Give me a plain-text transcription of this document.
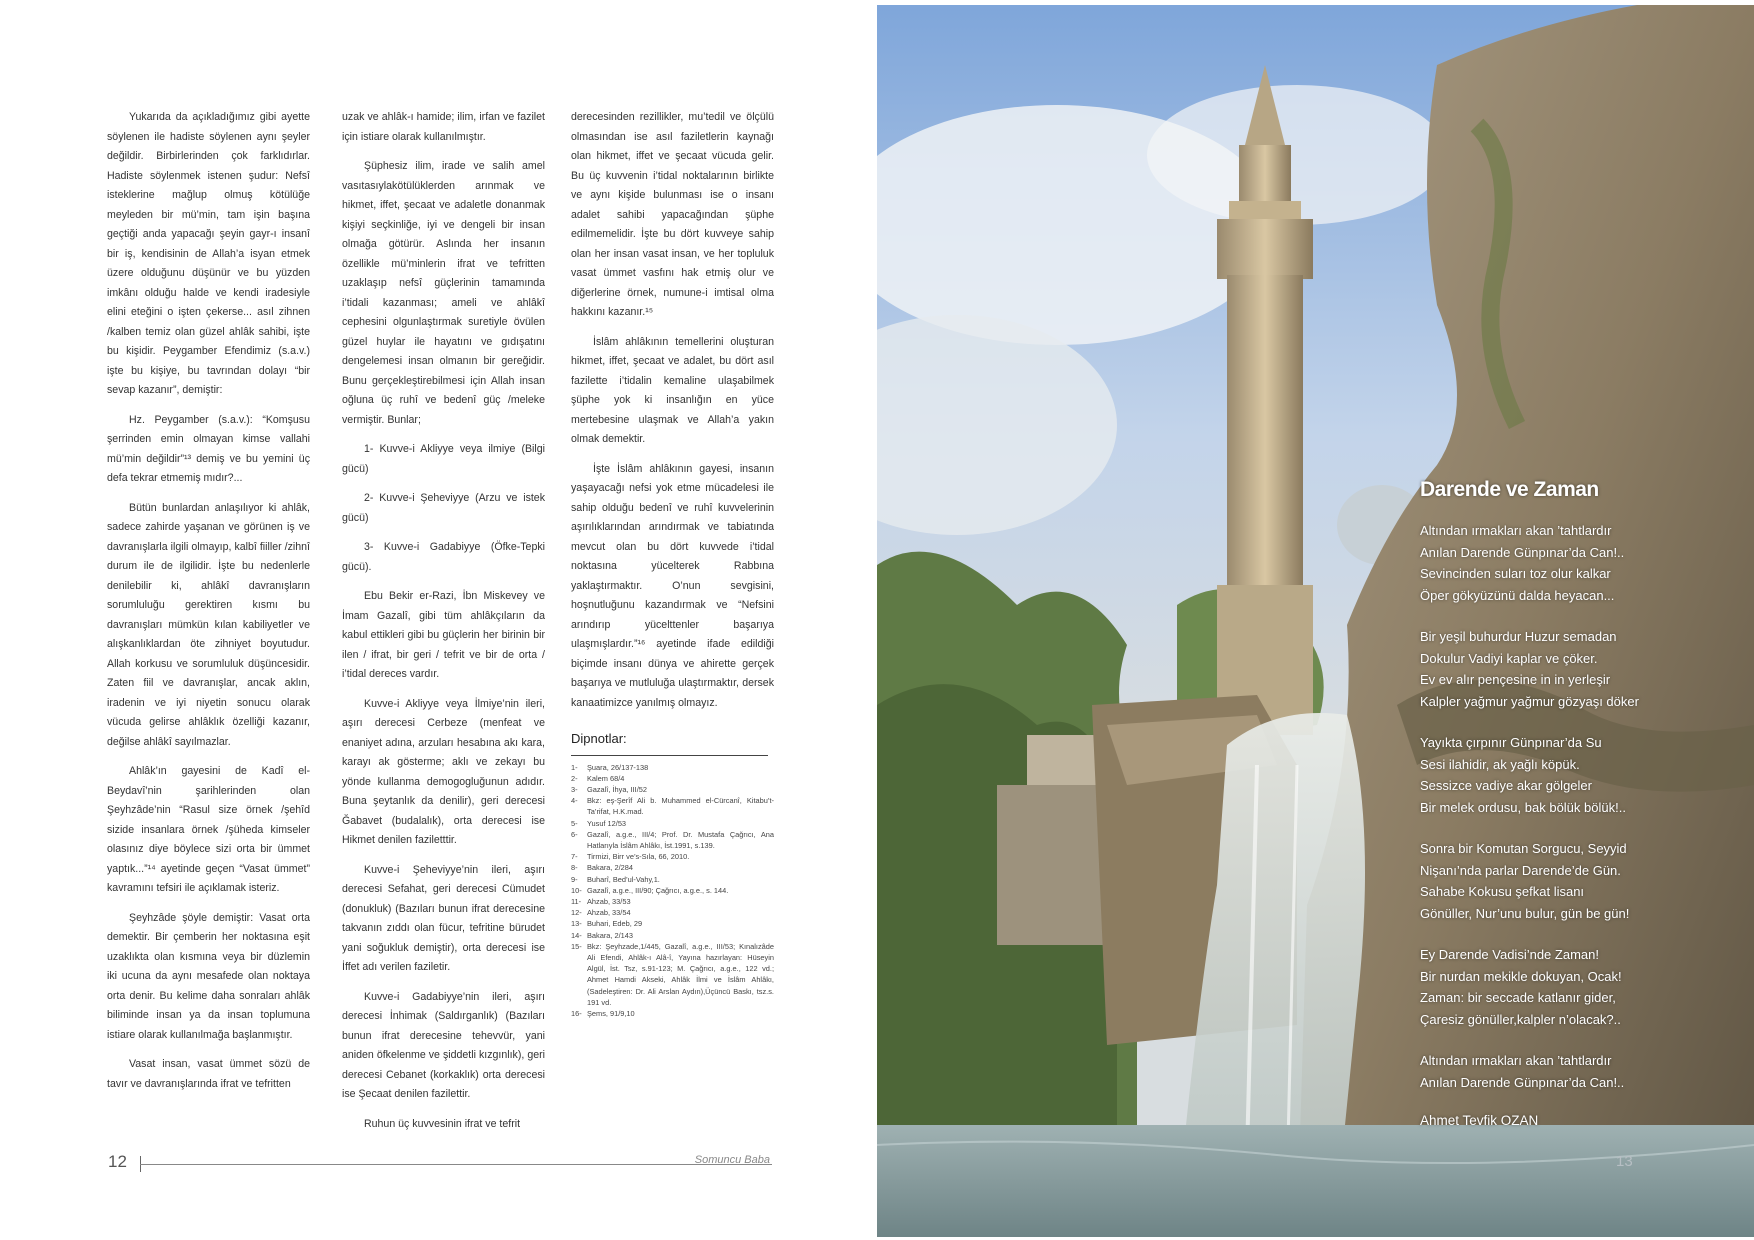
Yukarıda da açıkladığımız gibi ayette söylenen ile hadiste söylenen aynı şeyler değildir. Birbirlerinden çok farklıdırlar. Hadiste söylenmek istenen şudur: Nefsî isteklerine mağlup olmuş kötülüğe meyleden bir mü’min, tam işin başına geçtiği anda yapacağı şeyin gayr-ı insanî bir iş, kendisinin de Allah’a isyan etmek üzere olduğunu düşünür ve bu yüzden imkânı olduğu halde ve kendi iradesiyle elini eteğini o işten çekerse... asıl zihnen /kalben temiz olan güzel ahlâk sahibi, işte bu kişidir. Peygamber Efendimiz (s.a.v.) işte bu kişiye, bu tavrından dolayı “bir sevap kazanır”, demiştir:

Hz. Peygamber (s.a.v.): “Komşusu şerrinden emin olmayan kimse vallahi mü’min değildir”¹³ demiş ve bu yemini üç defa tekrar etmemiş mıdır?...

Bütün bunlardan anlaşılıyor ki ahlâk, sadece zahirde yaşanan ve görünen iş ve davranışlarla ilgili olmayıp, kalbî fiiller /zihnî durum ile de ilgilidir. İşte bu nedenlerle denilebilir ki, ahlâkî davranışların sorumluluğu gerektiren kısmı bu davranışları mümkün kılan kabiliyetler ve alışkanlıklardan öte zihniyet boyutudur. Allah korkusu ve sorumluluk düşüncesidir. Zaten fiil ve davranışlar, ancak aklın, iradenin ve iyi niyetin sonucu olarak vücuda gelirse ahlâklık özelliği kazanır, değilse ahlâkî sayılmazlar.

Ahlâk’ın gayesini de Kadî el-Beydavî’nin şarihlerinden olan Şeyhzâde’nin “Rasul size örnek /şehîd sizide insanlara örnek /şüheda kimseler olasınız diye böylece sizi orta bir ümmet yaptık...”¹⁴ ayetinde geçen “Vasat ümmet” kavramını tefsiri ile açıklamak isteriz.

Şeyhzâde şöyle demiştir: Vasat orta demektir. Bir çemberin her noktasına eşit uzaklıkta olan kısmına veya bir düzlemin iki ucuna da aynı mesafede olan noktaya orta denir. Bu kelime daha sonraları ahlâk biliminde insan ya da insan toplumuna istiare olarak kullanılmağa başlanmıştır.

Vasat insan, vasat ümmet sözü de tavır ve davranışlarında ifrat ve tefritten

uzak ve ahlâk-ı hamide; ilim, irfan ve fazilet için istiare olarak kullanılmıştır.

Şüphesiz ilim, irade ve salih amel vasıtasıylakötülüklerden arınmak ve hikmet, iffet, şecaat ve adaletle donanmak kişiyi seçkinliğe, iyi ve dengeli bir insan olmağa götürür. Aslında her insanın özellikle mü’minlerin ifrat ve tefritten uzaklaşıp nefsî güçlerinin tamamında i’tidali kazanması; ameli ve ahlâkî cephesini olgunlaştırmak suretiyle övülen güzel huylar ile hayatını ve gıdışatını dengelemesi insan olmanın bir gereğidir. Bunu gerçekleştirebilmesi için Allah insan oğluna üç ruhî ve bedenî güç /meleke vermiştir. Bunlar;

1- Kuvve-i Akliyye veya ilmiye (Bilgi gücü)

2- Kuvve-i Şeheviyye (Arzu ve istek gücü)

3- Kuvve-i Gadabiyye (Öfke-Tepki gücü).

Ebu Bekir er-Razi, İbn Miskevey ve İmam Gazalî, gibi tüm ahlâkçıların da kabul ettikleri gibi bu güçlerin her birinin bir ilen / ifrat, bir geri / tefrit ve bir de orta / i’tidal dereces vardır.

Kuvve-i Akliyye veya İlmiye’nin ileri, aşırı derecesi Cerbeze (menfeat ve enaniyet adına, arzuları hesabına akı kara, karayı ak gösterme; aklı ve zekayı bu yönde kullanma demogogluğunun adıdır. Buna şeytanlık da denilir), geri derecesi Ğabavet (budalalık), orta derecesi ise Hikmet denilen faziletttir.

Kuvve-i Şeheviyye’nin ileri, aşırı derecesi Sefahat, geri derecesi Cümudet (donukluk) (Bazıları bunun ifrat derecesine takvanın zıddı olan fücur, tefritine bürudet yani soğukluk demiştir), orta derecesi ise İffet adı verilen faziletir.

Kuvve-i Gadabiyye’nin ileri, aşırı derecesi İnhimak (Saldırganlık) (Bazıları bunun ifrat derecesine tehevvür, yani aniden öfkelenme ve şiddetli kızgınlık), geri derecesi Cebanet (korkaklık) orta derecesi ise Şecaat denilen fazilettir.

Ruhun üç kuvvesinin ifrat ve tefrit

derecesinden rezillikler, mu’tedil ve ölçülü olmasından ise asıl faziletlerin kaynağı olan hikmet, iffet ve şecaat vücuda gelir. Bu üç kuvvenin i’tidal noktalarının birlikte ve aynı kişide bulunması ise o insanı adalet sahibi yapacağından şüphe edilmemelidir. İşte bu dört kuvveye sahip olan her insan vasat insan, ve her topluluk vasat ümmet vasfını hak etmiş olur ve diğerlerine örnek, numune-i imtisal olma hakkını kazanır.¹⁵

İslâm ahlâkının temellerini oluşturan hikmet, iffet, şecaat ve adalet, bu dört asıl fazilette i’tidalin kemaline ulaşabilmek şüphe yok ki insanlığın en yüce mertebesine ulaşmak ve Allah’a yakın olmak demektir.

İşte İslâm ahlâkının gayesi, insanın yaşayacağı nefsi yok etme mücadelesi ile sahip olduğu bedenî ve ruhî kuvvelerinin aşırılıklarından arındırmak ve tabiatında mevcut olan bu dört kuvvede i’tidal noktasına yücelterek Rabbına yaklaştırmaktır. O’nun sevgisini, hoşnutluğunu kazandırmak ve “Nefsini arındırıp yücelttenler başarıya ulaşmışlardır.”¹⁶ ayetinde ifade edildiği biçimde insanı dünya ve ahirette gerçek başarıya ve mutluluğa ulaştırmaktır, dersek kanaatimizce yanılmış olmayız.

Dipnotlar:
1-	Şuara, 26/137-138
2-	Kalem 68/4
3-	Gazalî, İhya, III/52
4-	Bkz: eş-Şerîf Ali b. Muhammed el-Cürcanî, Kitabu’t-Ta’rifat, H.K.mad.
5-	Yusuf 12/53
6-	Gazalî, a.g.e., III/4; Prof. Dr. Mustafa Çağrıcı, Ana Hatlarıyla İslâm Ahlâkı, İst.1991, s.139.
7-	Tirmizi, Birr ve’s-Sıla, 66, 2010.
8-	Bakara, 2/284
9-	Buharî, Bed’ul-Vahy,1.
10- Gazalî, a.g.e., III/90; Çağrıcı, a.g.e., s. 144.
11- Ahzab, 33/53
12- Ahzab, 33/54
13- Buhari, Edeb, 29
14- Bakara, 2/143
15- Bkz: Şeyhzade,1/445, Gazalî, a.g.e., III/53; Kınalızâde Ali Efendi, Ahlâk-ı Alâ-î, Yayına hazırlayan: Hüseyin Algül, İst. Tsz, s.91-123; M. Çağrıcı, a.g.e., 122 vd.; Ahmet Hamdi Akseki, Ahlâk İlmi ve İslâm Ahlâkı, (Sadeleştiren: Dr. Ali Arslan Aydın),Üçüncü Baskı, tsz.s. 191 vd.
16- Şems, 91/9,10
12	Somuncu Baba
Darende ve Zaman
Altından ırmakları akan ’tahtlardır
Anılan Darende Günpınar’da Can!..
Sevincinden suları toz olur kalkar
Öper gökyüzünü dalda heyacan...
Bir yeşil buhurdur Huzur semadan
Dokulur Vadiyi kaplar ve çöker.
Ev ev alır pençesine in in yerleşir
Kalpler yağmur yağmur gözyaşı döker
Yayıkta çırpınır Günpınar’da Su
Sesi ilahidir, ak yağlı köpük.
Sessizce vadiye akar gölgeler
Bir melek ordusu, bak bölük bölük!..
Sonra bir Komutan Sorgucu, Seyyid
Nişanı’nda parlar Darende’de Gün.
Sahabe Kokusu şefkat lisanı
Gönüller, Nur’unu bulur, gün be gün!
Ey Darende Vadisi’nde Zaman!
Bir nurdan mekikle dokuyan, Ocak!
Zaman: bir seccade katlanır gider,
Çaresiz gönüller,kalpler n’olacak?..
Altından ırmakları akan ’tahtlardır
Anılan Darende Günpınar’da Can!..
Ahmet Tevfik OZAN
13
